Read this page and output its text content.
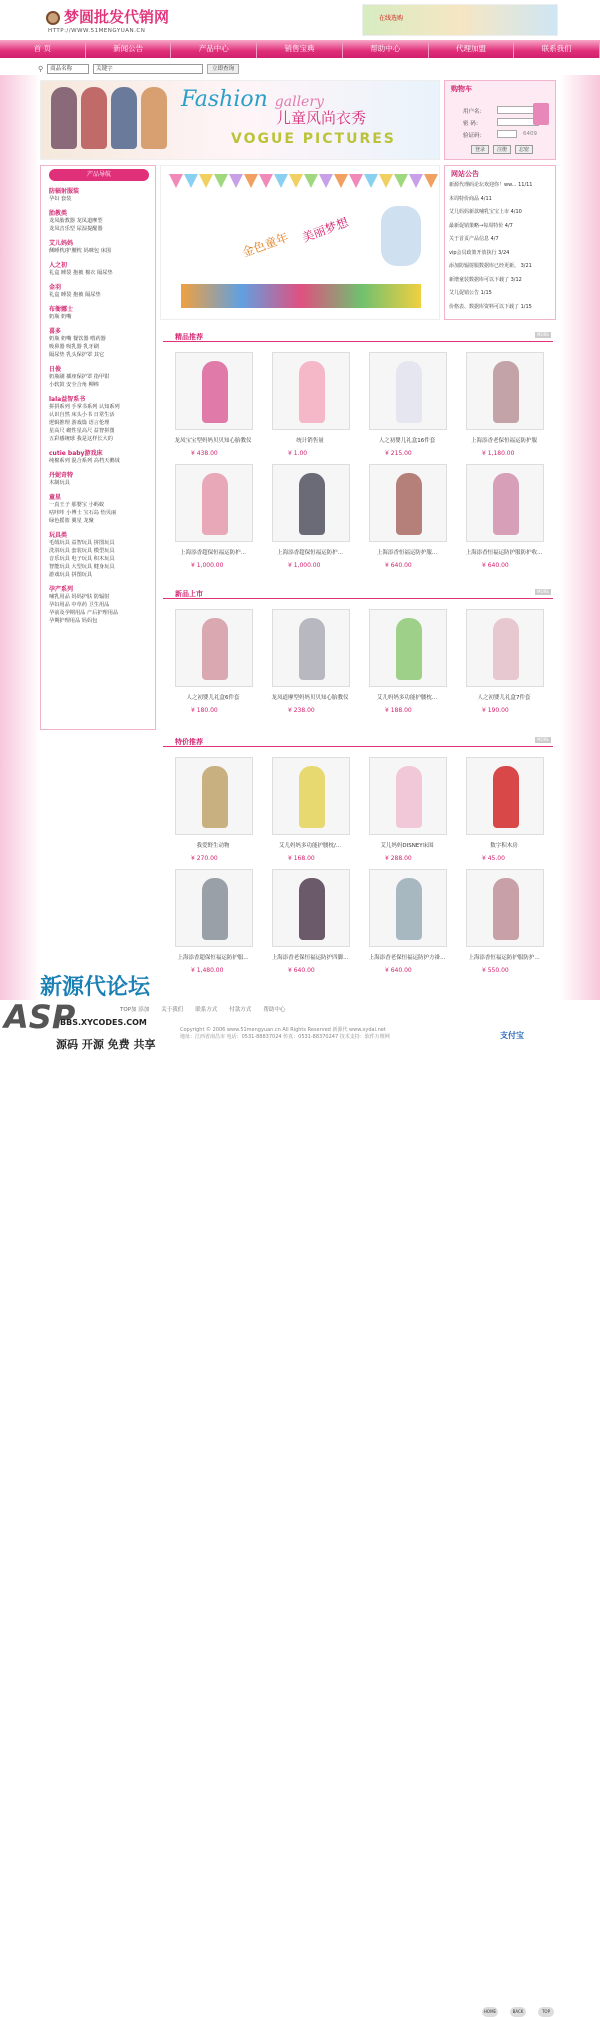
梦圆批发代销网
HTTP://WWW.51MENGYUAN.CN
在线选购
首 页	新闻公告	产品中心	销售宝典	帮助中心	代理加盟	联系我们
⚲	商品名称	关键字	立即查询
Fashion gallery
儿童风尚衣秀
VOGUE PICTURES
购物车
用户名：
密 码：
验证码：	6409
登录	注册	忘密
产品导航
防辐射服装
孕妇 套装
胎教类
龙凤胎教器 龙凤道摩型
龙凤音乐型 尿湿提醒器
艾儿妈妈
侧睡枕/护腰枕 妈咪包 床围
人之初
礼盒 睡袋 抱被 棉衣 隔尿垫
金羽
礼盒 睡袋 抱被 隔尿垫
布衙娜士
奶瓶 奶嘴
喜多
奶瓶 奶嘴 餐饮器 喂药器
吸鼻器 吸乳器 乳牙刷
隔尿垫 乳头保护罩 其它
日俊
奶瓶刷 插座保护罩 指甲钳
小软鼓 安全合角 柳棒
lala益智系书
拼拼系列 手掌书系列 认知系列
认识自然 床头小书 日常生活
逻辑推理 游戏篇 语言伦理
星高尺 砌性星高尺 益智拼图
五彩感统球 我是这样长大的
cutie baby游戏床
纯棉系列 混合系列 高档天鹅绒
丹妮奇特
木制玩具
童星
一真王子 那婴宝 小蚂蚁
咕咔咔 小博士 宝石岛 怡贝丽
绿色摇篮 翼星 龙聚
玩具类
毛绒玩具 益智玩具 拼图玩具
洗浴玩具 套装玩具 模型玩具
音乐玩具 电子玩具 积木玩具
智能玩具 大型玩具 健身玩具
游戏玩具 拼图玩具
孕产系列
哺乳用品 妈妈护肤 防辐射
孕妇用品 中草药 卫生用品
孕前及孕期用品 产后护理用品
孕期护理用品 妈妈包
金色童年
美丽梦想
网站公告
新源代理码论坛欢迎你！ww... 11/11
本周特价商品 4/11
艾儿妈妈新款哺乳宝宝上市 4/10
最新促销策略→每周特价 4/7
关于首页产品信息 4/7
vip会员政策开放执行 3/24
添加防辐射服数据库已经更新。 3/21
新增童装数据库可以下载了 3/12
艾儿促销公告 1/15
价格表、数据库资料可以下载了 1/15
精品推荐	MORE
龙凤宝宝型妈妈贝贝知心胎教仪
¥ 438.00
统计销售量
¥ 1.00
人之初婴儿礼盒16件套
¥ 215.00
上海添香老保恒福运防护服
¥ 1,180.00
上海添香超保恒福运防护...
¥ 1,000.00
上海添香超保恒福运防护...
¥ 1,000.00
上海添香恒福运防护服...
¥ 640.00
上海添香恒福运防护服防护收...
¥ 640.00
新品上市	MORE
人之初婴儿礼盒6件套
¥ 180.00
龙凤道摩型妈妈贝贝知心胎教仪
¥ 238.00
艾儿妈妈多功能护腰枕...
¥ 188.00
人之初婴儿礼盒7件套
¥ 190.00
特价推荐	MORE
我爱野生动物
¥ 270.00
艾儿妈妈多功能护腰枕/...
¥ 168.00
艾儿妈妈DISNEY床围
¥ 288.00
数字积木房
¥ 45.00
上海添香超保恒福运防护服...
¥ 1,480.00
上海添香老保恒福运防护四脚...
¥ 640.00
上海添香老保恒福运防护方褂...
¥ 640.00
上海添香恒福运防护服防护...
¥ 550.00
TOP加 添加 关于我们 联系方式 付款方式 帮助中心
Copyright © 2006 www.51mengyuan.cn All Rights Reserved 新源代 www.xydai.net
地址：江西省南昌市 电话：0531-88837024 传真：0531-88370247 技术支持：软件万维网
HOME	BACK	TOP
新源代论坛
ASP
BBS.XYCODES.COM
源码 开源 免费 共享
支付宝
